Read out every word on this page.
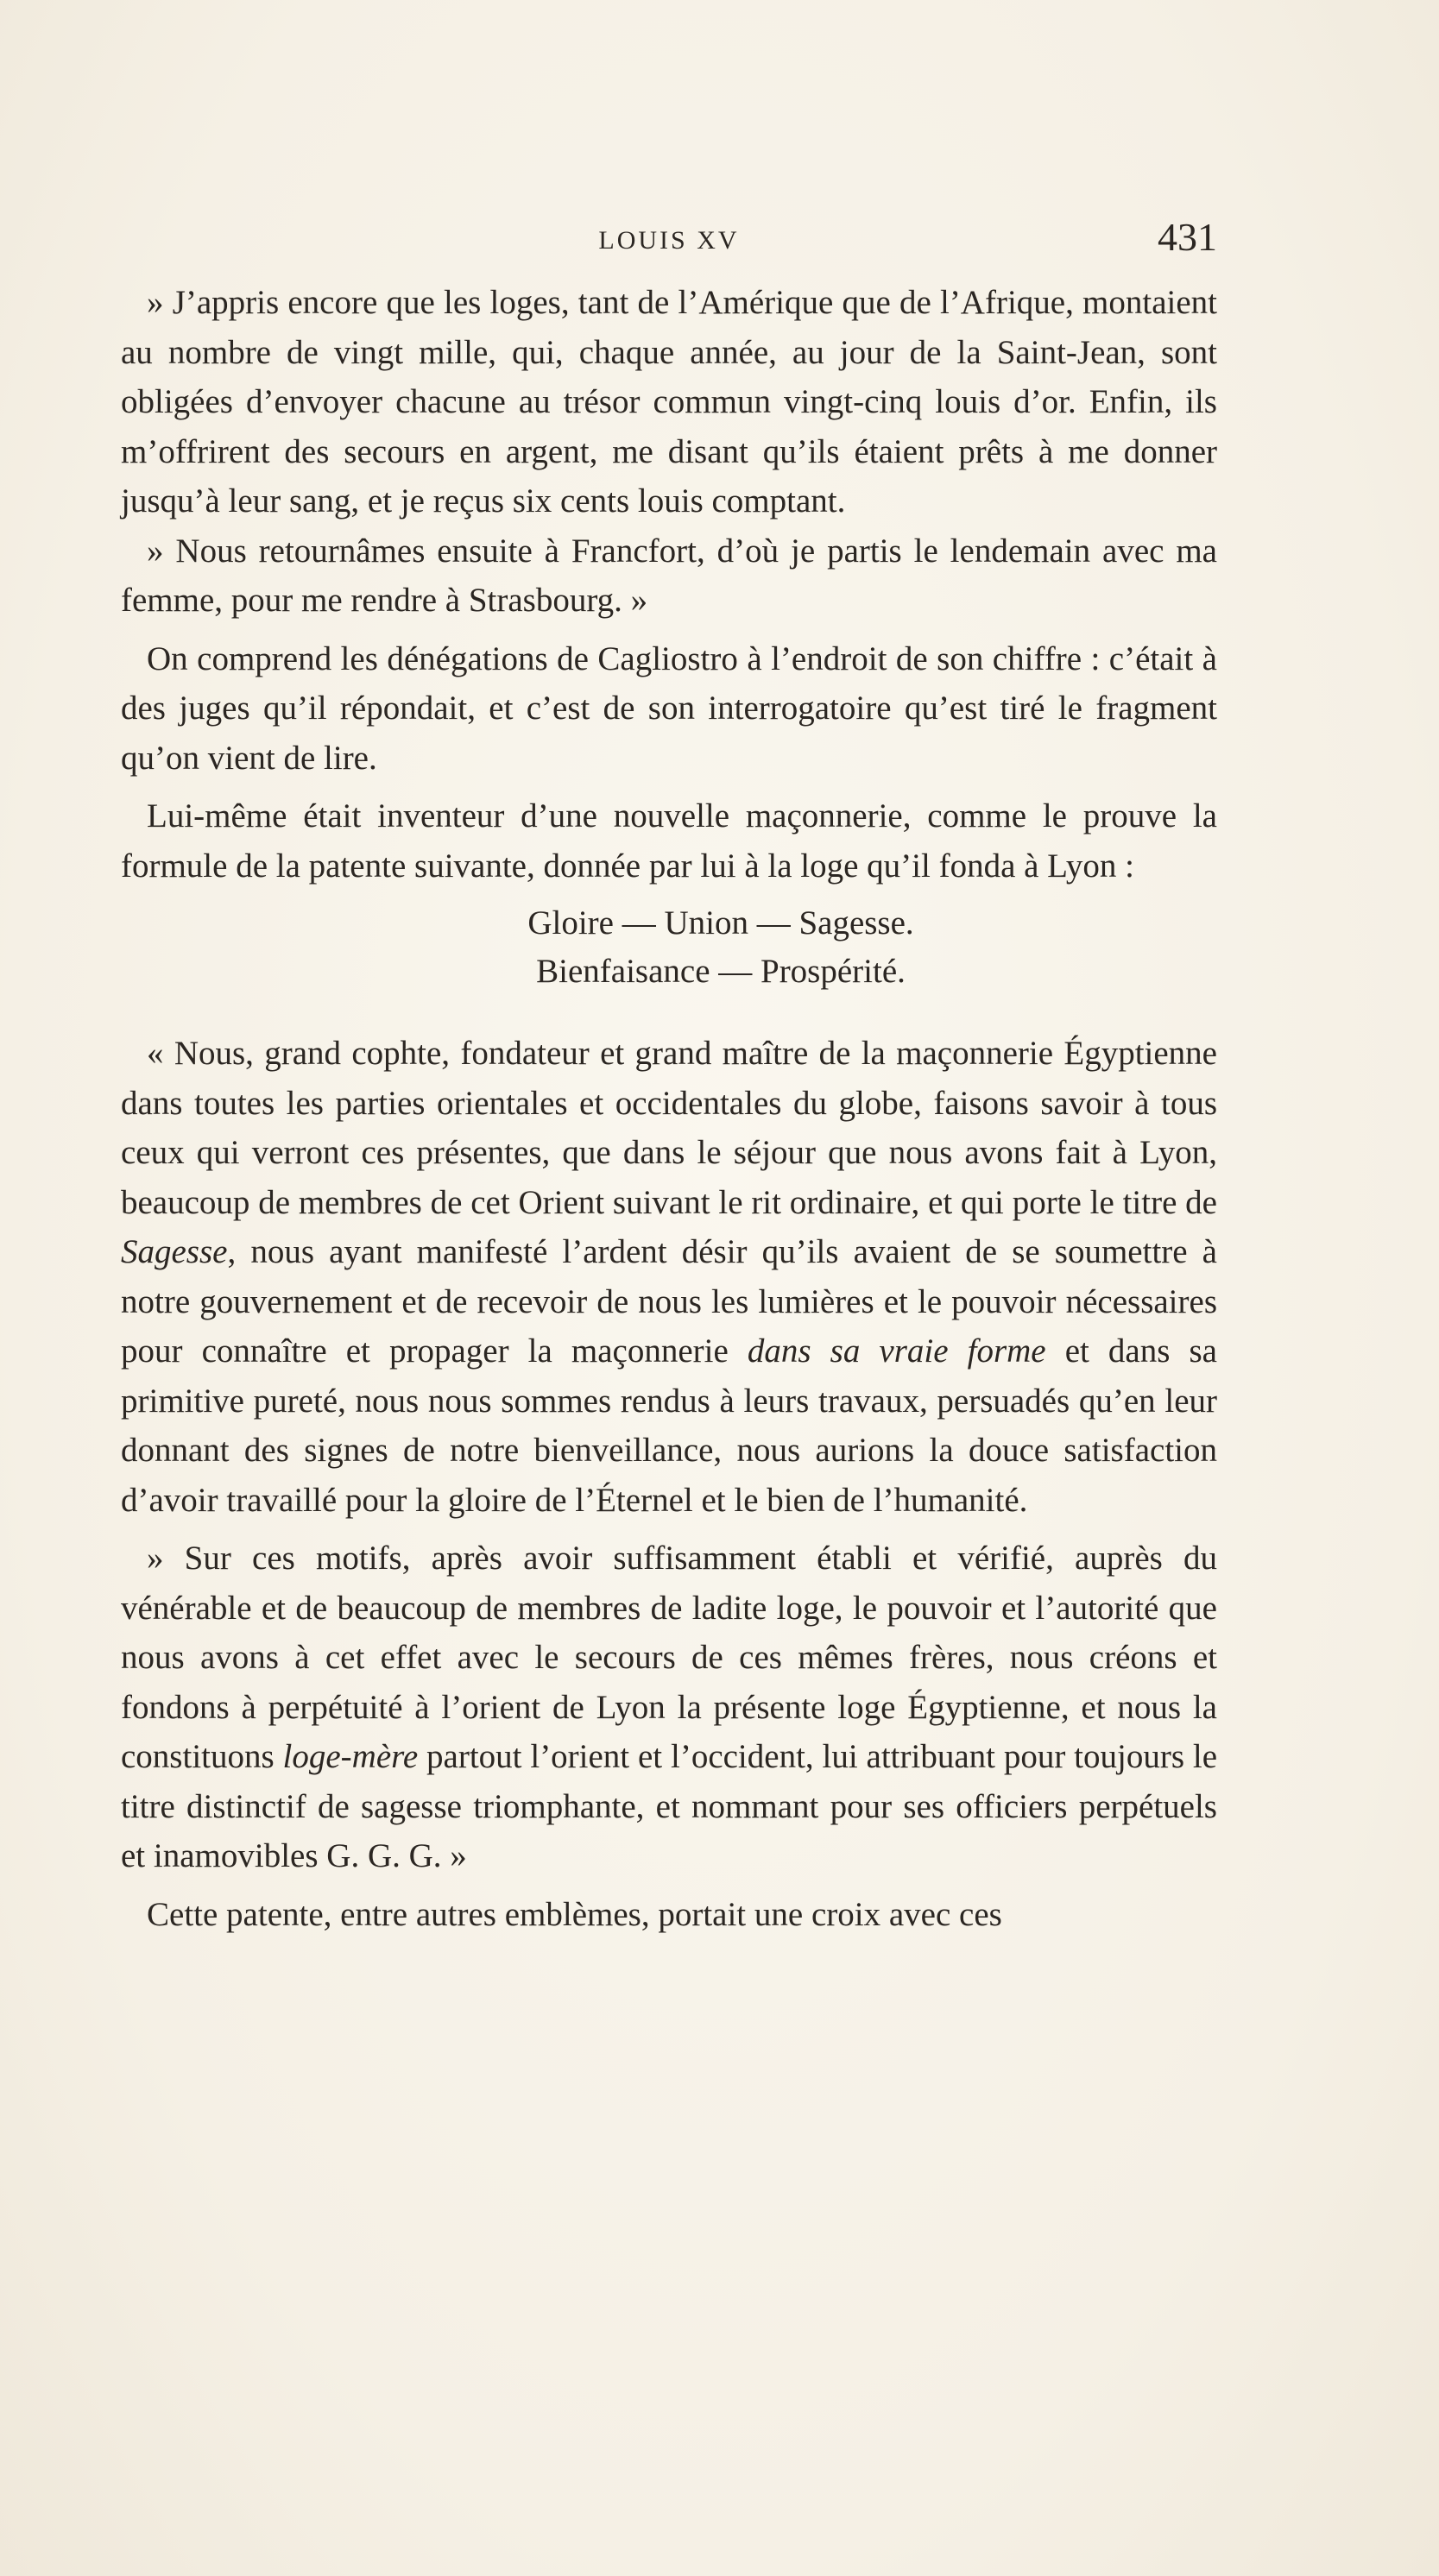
LOUIS XV	431

» J’appris encore que les loges, tant de l’Amérique que de l’Afrique, montaient au nombre de vingt mille, qui, chaque année, au jour de la Saint-Jean, sont obligées d’envoyer chacune au trésor commun vingt-cinq louis d’or. Enfin, ils m’offrirent des secours en argent, me disant qu’ils étaient prêts à me donner jusqu’à leur sang, et je reçus six cents louis comptant.

» Nous retournâmes ensuite à Francfort, d’où je partis le lendemain avec ma femme, pour me rendre à Strasbourg. »

On comprend les dénégations de Cagliostro à l’endroit de son chiffre : c’était à des juges qu’il répondait, et c’est de son interrogatoire qu’est tiré le fragment qu’on vient de lire.

Lui-même était inventeur d’une nouvelle maçonnerie, comme le prouve la formule de la patente suivante, donnée par lui à la loge qu’il fonda à Lyon :

Gloire — Union — Sagesse.
Bienfaisance — Prospérité.

« Nous, grand cophte, fondateur et grand maître de la maçonnerie Égyptienne dans toutes les parties orientales et occidentales du globe, faisons savoir à tous ceux qui verront ces présentes, que dans le séjour que nous avons fait à Lyon, beaucoup de membres de cet Orient suivant le rit ordinaire, et qui porte le titre de Sagesse, nous ayant manifesté l’ardent désir qu’ils avaient de se soumettre à notre gouvernement et de recevoir de nous les lumières et le pouvoir nécessaires pour connaître et propager la maçonnerie dans sa vraie forme et dans sa primitive pureté, nous nous sommes rendus à leurs travaux, persuadés qu’en leur donnant des signes de notre bienveillance, nous aurions la douce satisfaction d’avoir travaillé pour la gloire de l’Éternel et le bien de l’humanité.

» Sur ces motifs, après avoir suffisamment établi et vérifié, auprès du vénérable et de beaucoup de membres de ladite loge, le pouvoir et l’autorité que nous avons à cet effet avec le secours de ces mêmes frères, nous créons et fondons à perpétuité à l’orient de Lyon la présente loge Égyptienne, et nous la constituons loge-mère partout l’orient et l’occident, lui attribuant pour toujours le titre distinctif de sagesse triomphante, et nommant pour ses officiers perpétuels et inamovibles G. G. G. »

Cette patente, entre autres emblèmes, portait une croix avec ces
